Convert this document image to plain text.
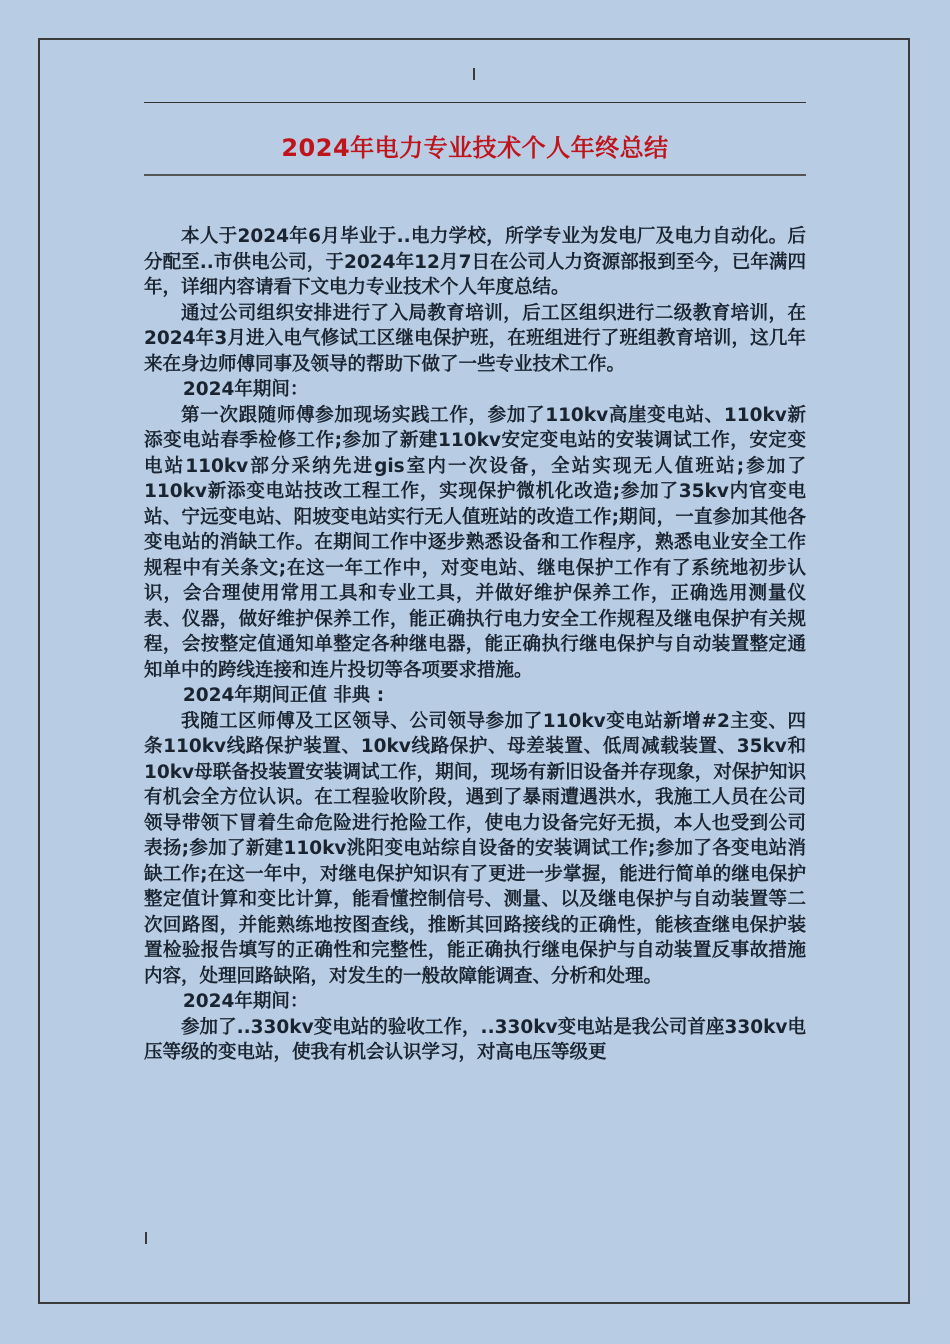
2024年电力专业技术个人年终总结

本人于2024年6月毕业于..电力学校，所学专业为发电厂及电力自动化。后分配至..市供电公司，于2024年12月7日在公司人力资源部报到至今，已年满四年，详细内容请看下文电力专业技术个人年度总结。

通过公司组织安排进行了入局教育培训，后工区组织进行二级教育培训，在2024年3月进入电气修试工区继电保护班，在班组进行了班组教育培训，这几年来在身边师傅同事及领导的帮助下做了一些专业技术工作。

2024年期间：

第一次跟随师傅参加现场实践工作，参加了110kv高崖变电站、110kv新添变电站春季检修工作;参加了新建110kv安定变电站的安装调试工作，安定变电站110kv部分采纳先进gis室内一次设备，全站实现无人值班站;参加了110kv新添变电站技改工程工作，实现保护微机化改造;参加了35kv内官变电站、宁远变电站、阳坡变电站实行无人值班站的改造工作;期间，一直参加其他各变电站的消缺工作。在期间工作中逐步熟悉设备和工作程序，熟悉电业安全工作规程中有关条文;在这一年工作中，对变电站、继电保护工作有了系统地初步认识，会合理使用常用工具和专业工具，并做好维护保养工作，正确选用测量仪表、仪器，做好维护保养工作，能正确执行电力安全工作规程及继电保护有关规程，会按整定值通知单整定各种继电器，能正确执行继电保护与自动装置整定通知单中的跨线连接和连片投切等各项要求措施。

2024年期间正值 非典 :

我随工区师傅及工区领导、公司领导参加了110kv变电站新增#2主变、四条110kv线路保护装置、10kv线路保护、母差装置、低周减载装置、35kv和10kv母联备投装置安装调试工作，期间，现场有新旧设备并存现象，对保护知识有机会全方位认识。在工程验收阶段，遇到了暴雨遭遇洪水，我施工人员在公司领导带领下冒着生命危险进行抢险工作，使电力设备完好无损，本人也受到公司表扬;参加了新建110kv洮阳变电站综自设备的安装调试工作;参加了各变电站消缺工作;在这一年中，对继电保护知识有了更进一步掌握，能进行简单的继电保护整定值计算和变比计算，能看懂控制信号、测量、以及继电保护与自动装置等二次回路图，并能熟练地按图查线，推断其回路接线的正确性，能核查继电保护装置检验报告填写的正确性和完整性，能正确执行继电保护与自动装置反事故措施内容，处理回路缺陷，对发生的一般故障能调查、分析和处理。

2024年期间：

参加了..330kv变电站的验收工作，..330kv变电站是我公司首座330kv电压等级的变电站，使我有机会认识学习，对高电压等级更
